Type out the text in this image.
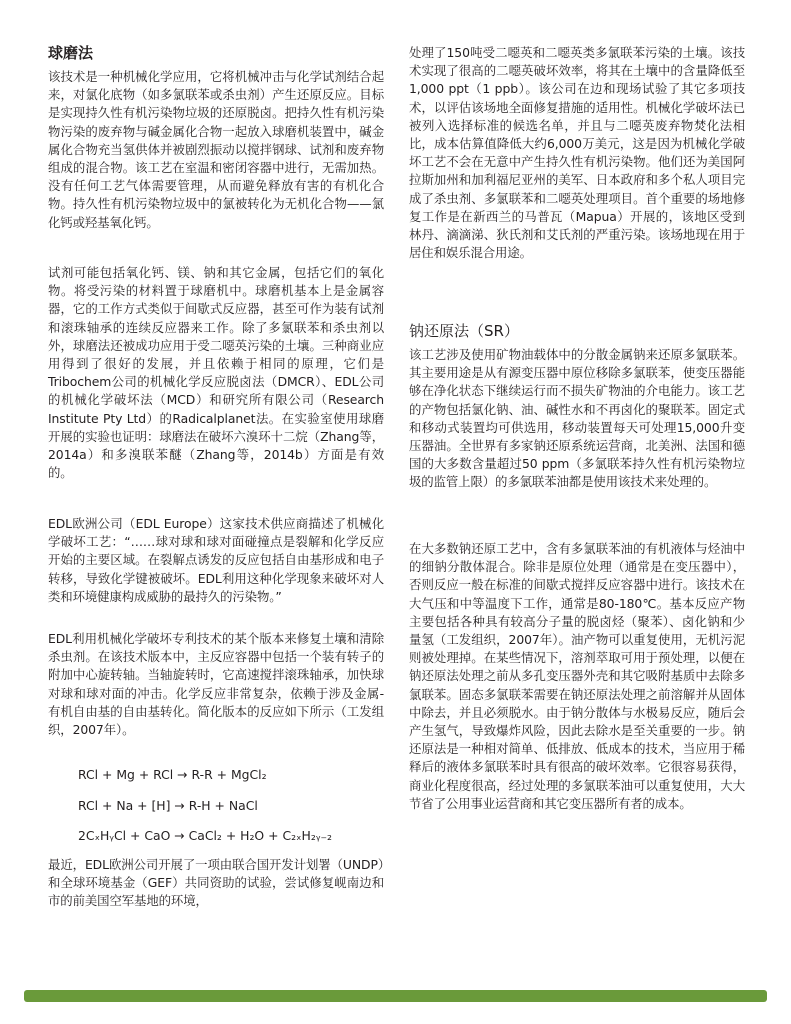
球磨法

该技术是一种机械化学应用，它将机械冲击与化学试剂结合起来，对氯化底物（如多氯联苯或杀虫剂）产生还原反应。目标是实现持久性有机污染物垃圾的还原脱卤。把持久性有机污染物污染的废弃物与碱金属化合物一起放入球磨机装置中，碱金属化合物充当氢供体并被剧烈振动以搅拌钢球、试剂和废弃物组成的混合物。该工艺在室温和密闭容器中进行，无需加热。没有任何工艺气体需要管理，从而避免释放有害的有机化合物。持久性有机污染物垃圾中的氯被转化为无机化合物——氯化钙或羟基氧化钙。

试剂可能包括氧化钙、镁、钠和其它金属，包括它们的氧化物。将受污染的材料置于球磨机中。球磨机基本上是金属容器，它的工作方式类似于间歇式反应器，甚至可作为装有试剂和滚珠轴承的连续反应器来工作。除了多氯联苯和杀虫剂以外，球磨法还被成功应用于受二噁英污染的土壤。三种商业应用得到了很好的发展，并且依赖于相同的原理，它们是Tribochem公司的机械化学反应脱卤法（DMCR）、EDL公司的机械化学破坏法（MCD）和研究所有限公司（Research Institute Pty Ltd）的Radicalplanet法。在实验室使用球磨开展的实验也证明：球磨法在破坏六溴环十二烷（Zhang等，2014a）和多溴联苯醚（Zhang等，2014b）方面是有效的。

EDL欧洲公司（EDL Europe）这家技术供应商描述了机械化学破坏工艺：“……球对球和球对面碰撞点是裂解和化学反应开始的主要区域。在裂解点诱发的反应包括自由基形成和电子转移，导致化学键被破坏。EDL利用这种化学现象来破坏对人类和环境健康构成威胁的最持久的污染物。”

EDL利用机械化学破坏专利技术的某个版本来修复土壤和清除杀虫剂。在该技术版本中，主反应容器中包括一个装有转子的附加中心旋转轴。当轴旋转时，它高速搅拌滚珠轴承，加快球对球和球对面的冲击。化学反应非常复杂，依赖于涉及金属-有机自由基的自由基转化。简化版本的反应如下所示（工发组织，2007年）。

RCl + Mg + RCl → R-R + MgCl₂

RCl + Na + [H] → R-H + NaCl

2CₓHᵧCl + CaO → CaCl₂ + H₂O + C₂ₓH₂ᵧ₋₂

最近，EDL欧洲公司开展了一项由联合国开发计划署（UNDP）和全球环境基金（GEF）共同资助的试验，尝试修复岘南边和市的前美国空军基地的环境，

处理了150吨受二噁英和二噁英类多氯联苯污染的土壤。该技术实现了很高的二噁英破坏效率，将其在土壤中的含量降低至1,000 ppt（1 ppb）。该公司在边和现场试验了其它多项技术，以评估该场地全面修复措施的适用性。机械化学破坏法已被列入选择标准的候选名单，并且与二噁英废弃物焚化法相比，成本估算值降低大约6,000万美元，这是因为机械化学破坏工艺不会在无意中产生持久性有机污染物。他们还为美国阿拉斯加州和加利福尼亚州的美军、日本政府和多个私人项目完成了杀虫剂、多氯联苯和二噁英处理项目。首个重要的场地修复工作是在新西兰的马普瓦（Mapua）开展的，该地区受到林丹、滴滴涕、狄氏剂和艾氏剂的严重污染。该场地现在用于居住和娱乐混合用途。

钠还原法（SR）

该工艺涉及使用矿物油载体中的分散金属钠来还原多氯联苯。其主要用途是从有源变压器中原位移除多氯联苯，使变压器能够在净化状态下继续运行而不损失矿物油的介电能力。该工艺的产物包括氯化钠、油、碱性水和不再卤化的聚联苯。固定式和移动式装置均可供选用，移动装置每天可处理15,000升变压器油。全世界有多家钠还原系统运营商，北美洲、法国和德国的大多数含量超过50 ppm（多氯联苯持久性有机污染物垃圾的监管上限）的多氯联苯油都是使用该技术来处理的。

在大多数钠还原工艺中，含有多氯联苯油的有机液体与烃油中的细钠分散体混合。除非是原位处理（通常是在变压器中），否则反应一般在标准的间歇式搅拌反应容器中进行。该技术在大气压和中等温度下工作，通常是80-180℃。基本反应产物主要包括各种具有较高分子量的脱卤烃（聚苯）、卤化钠和少量氢（工发组织，2007年）。油产物可以重复使用，无机污泥则被处理掉。在某些情况下，溶剂萃取可用于预处理，以便在钠还原法处理之前从多孔变压器外壳和其它吸附基质中去除多氯联苯。固态多氯联苯需要在钠还原法处理之前溶解并从固体中除去，并且必须脱水。由于钠分散体与水极易反应，随后会产生氢气，导致爆炸风险，因此去除水是至关重要的一步。钠还原法是一种相对简单、低排放、低成本的技术，当应用于稀释后的液体多氯联苯时具有很高的破坏效率。它很容易获得，商业化程度很高，经过处理的多氯联苯油可以重复使用，大大节省了公用事业运营商和其它变压器所有者的成本。
